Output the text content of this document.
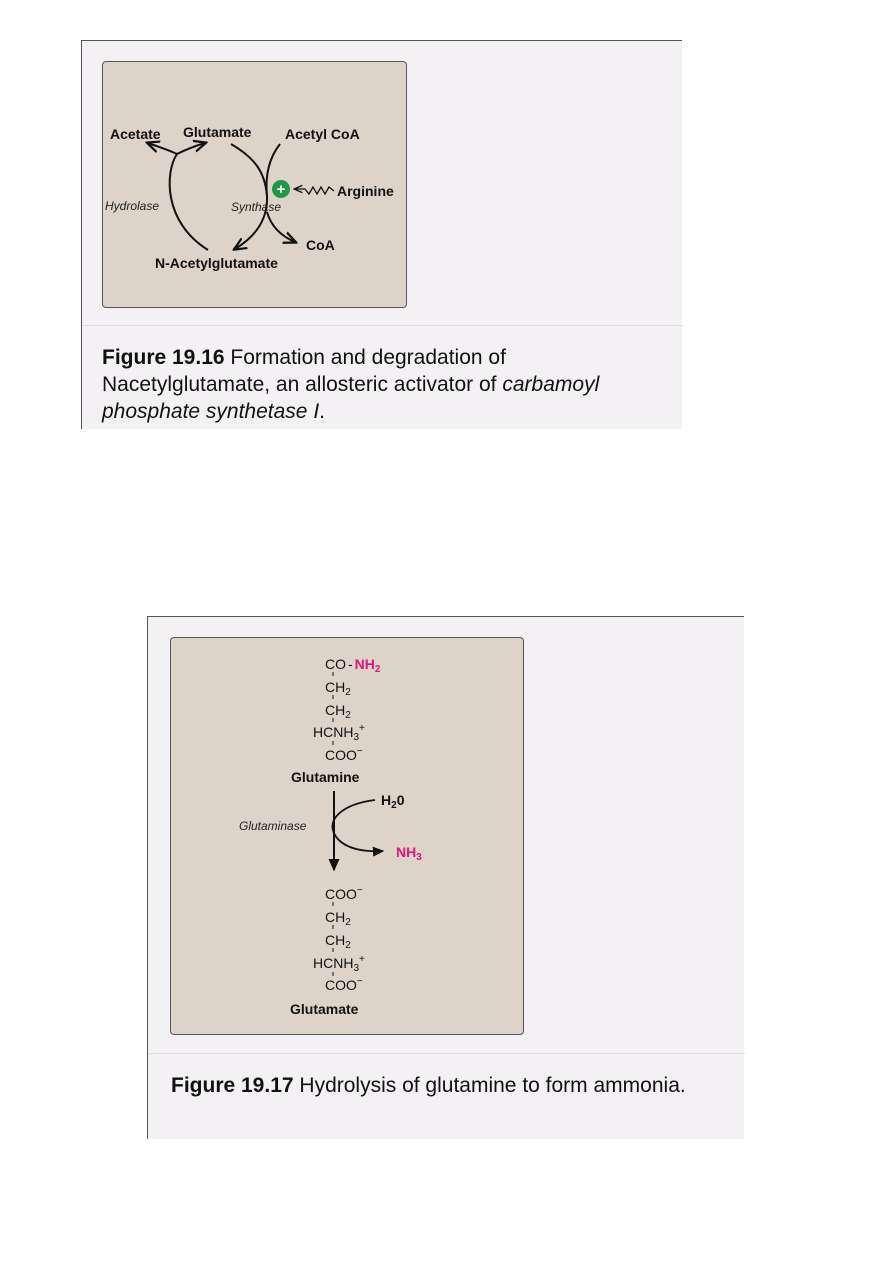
Acetate Glutamate Acetyl CoA
Arginine
Hydrolase	Synthase
CoA
N-Acetylglutamate
+
Figure 19.16 Formation and degradation of Nacetylglutamate, an allosteric activator of carbamoyl phosphate synthetase I.
CO - $NH_2$
$CH_2$
$CH_2$
$HCNH_3^+$
COO−
Glutamine
$H_20$
Glutaminase
$NH_3$
COO−
$CH_2$
$CH_2$
$HCNH_3^+$
COO−
Glutamate
Figure 19.17 Hydrolysis of glutamine to form ammonia.
